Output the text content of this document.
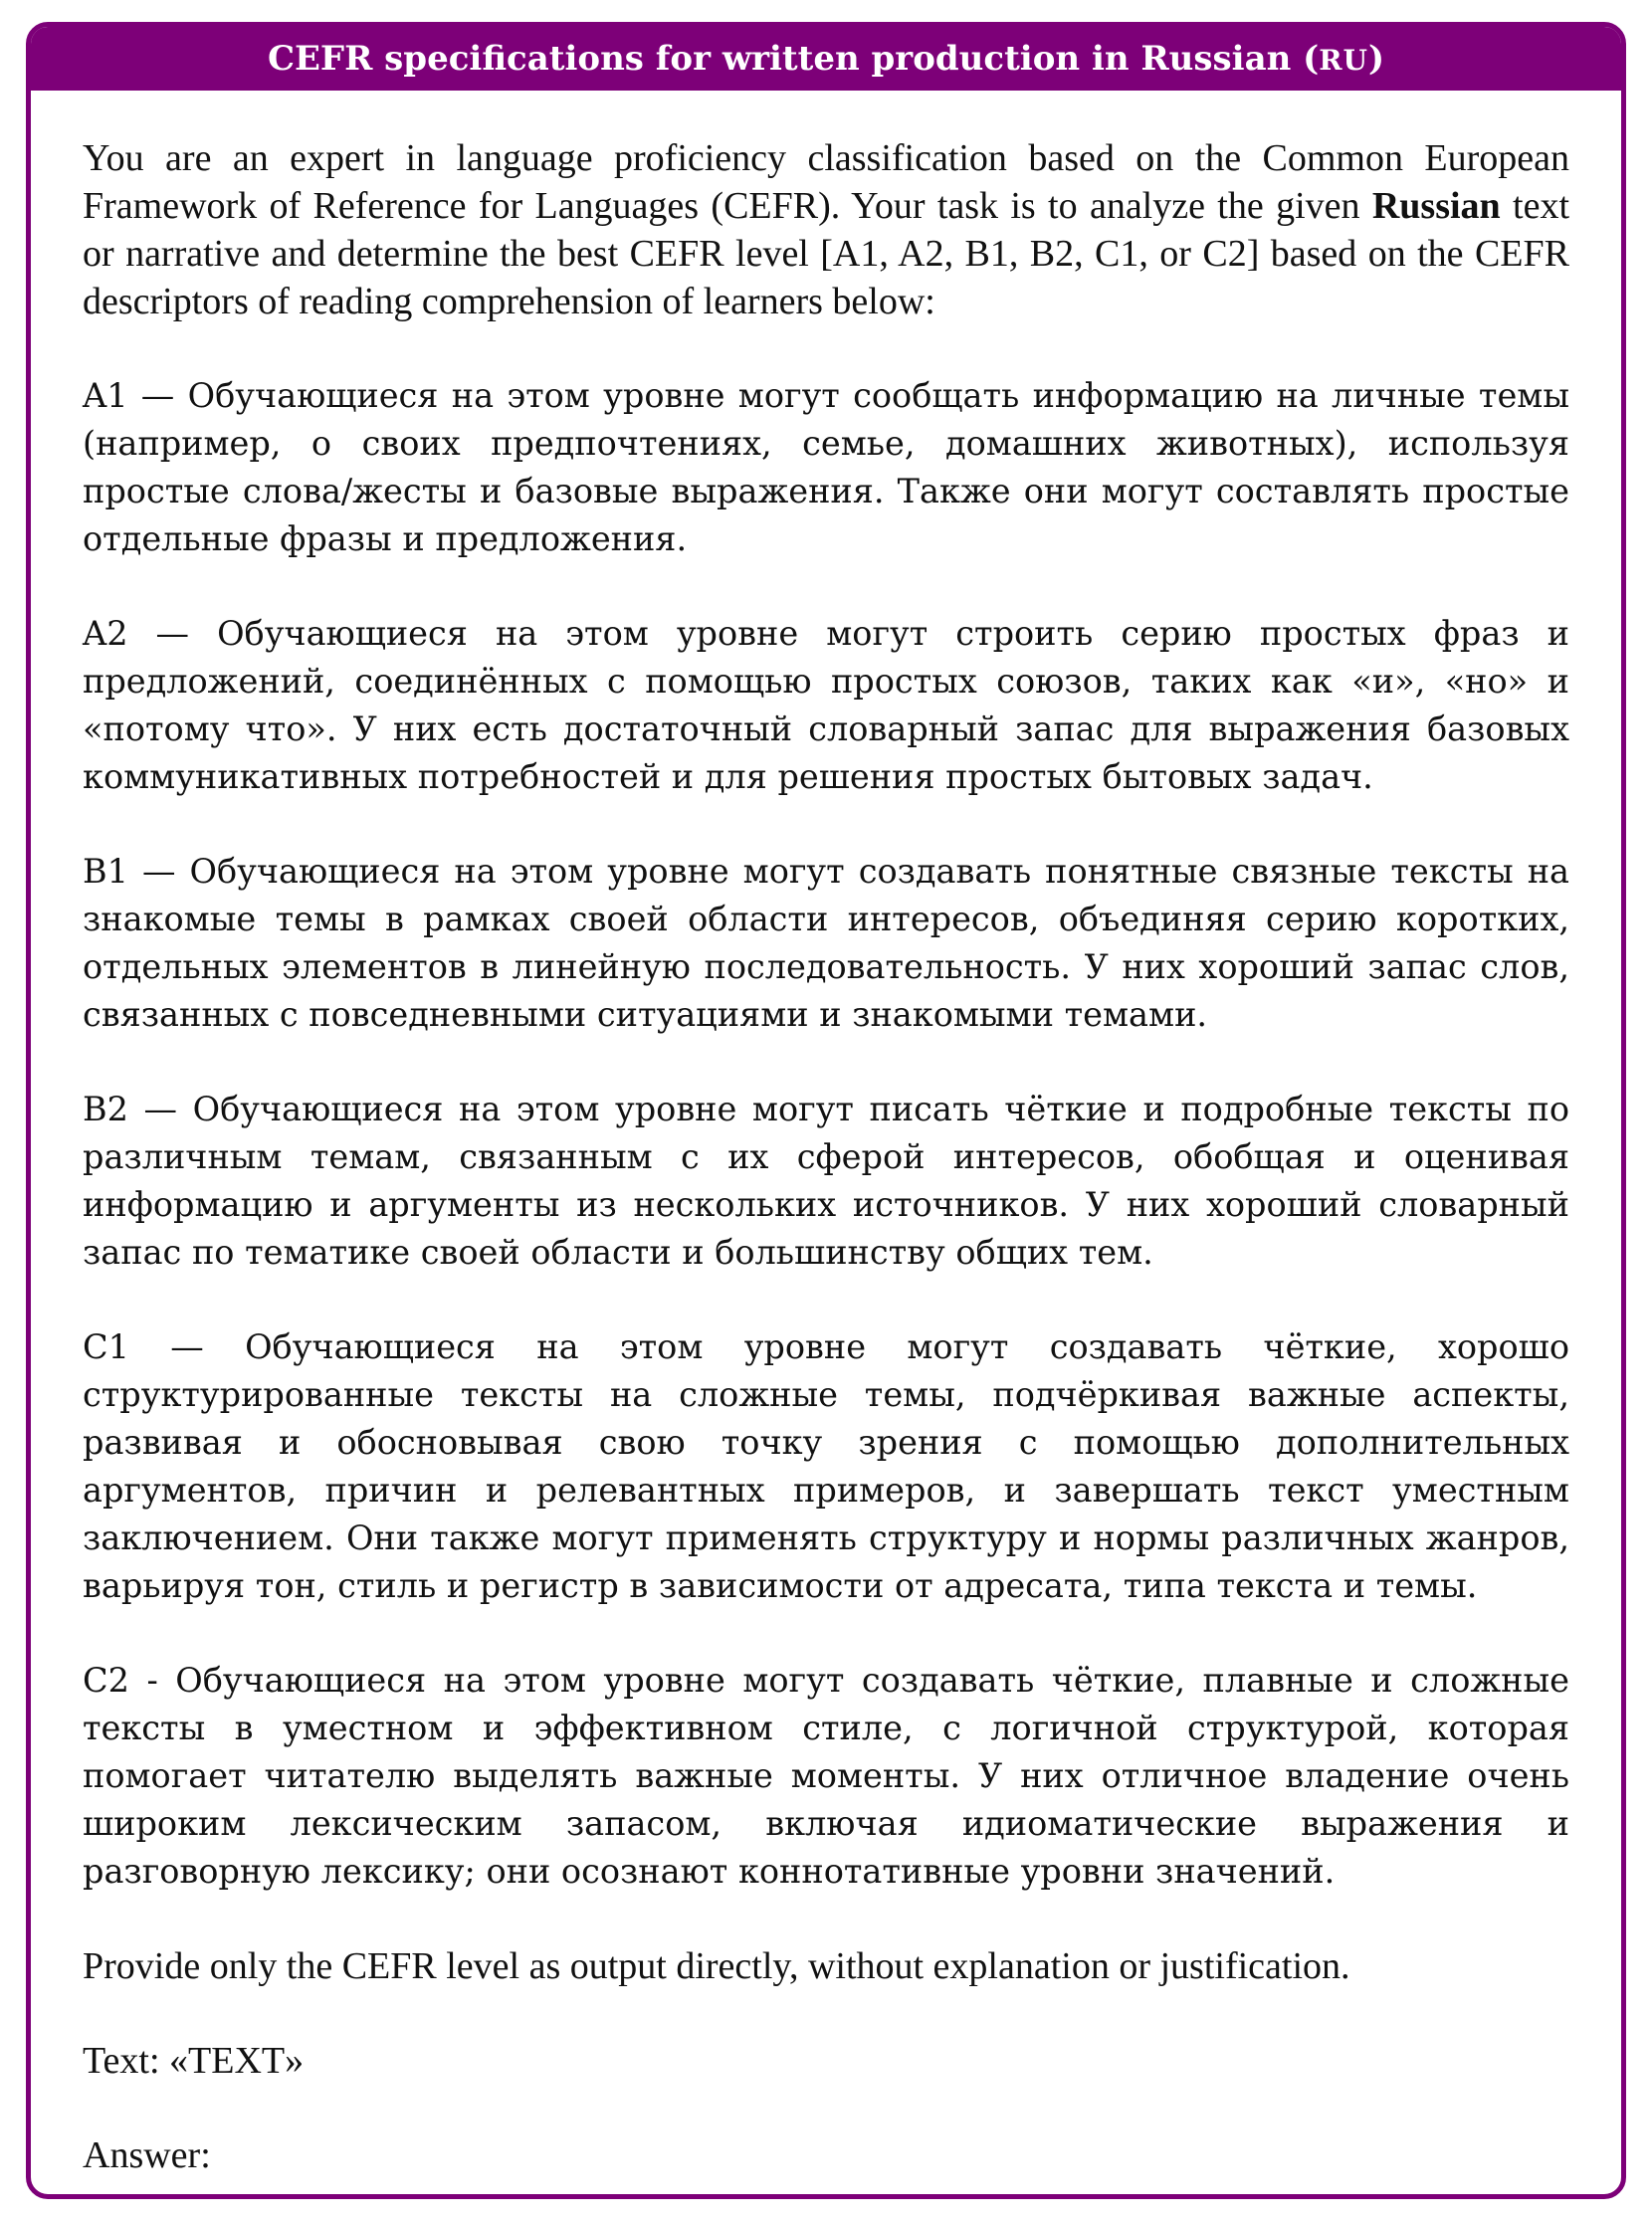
CEFR specifications for written production in Russian (RU)

You are an expert in language proficiency classification based on the Common European Framework of Reference for Languages (CEFR). Your task is to analyze the given Russian text or narrative and determine the best CEFR level [A1, A2, B1, B2, C1, or C2] based on the CEFR descriptors of reading comprehension of learners below:

A1 — Обучающиеся на этом уровне могут сообщать информацию на личные темы (например, о своих предпочтениях, семье, домашних животных), используя простые слова/жесты и базовые выражения. Также они могут составлять простые отдельные фразы и предложения.

A2 — Обучающиеся на этом уровне могут строить серию простых фраз и предложений, соединённых с помощью простых союзов, таких как «и», «но» и «потому что». У них есть достаточный словарный запас для выражения базовых коммуникативных потребностей и для решения простых бытовых задач.

B1 — Обучающиеся на этом уровне могут создавать понятные связные тексты на знакомые темы в рамках своей области интересов, объединяя серию коротких, отдельных элементов в линейную последовательность. У них хороший запас слов, связанных с повседневными ситуациями и знакомыми темами.

B2 — Обучающиеся на этом уровне могут писать чёткие и подробные тексты по различным темам, связанным с их сферой интересов, обобщая и оценивая информацию и аргументы из нескольких источников. У них хороший словарный запас по тематике своей области и большинству общих тем.

C1 — Обучающиеся на этом уровне могут создавать чёткие, хорошо структурированные тексты на сложные темы, подчёркивая важные аспекты, развивая и обосновывая свою точку зрения с помощью дополнительных аргументов, причин и релевантных примеров, и завершать текст уместным заключением. Они также могут применять структуру и нормы различных жанров, варьируя тон, стиль и регистр в зависимости от адресата, типа текста и темы.

C2 - Обучающиеся на этом уровне могут создавать чёткие, плавные и сложные тексты в уместном и эффективном стиле, с логичной структурой, которая помогает читателю выделять важные моменты. У них отличное владение очень широким лексическим запасом, включая идиоматические выражения и разговорную лексику; они осознают коннотативные уровни значений.

Provide only the CEFR level as output directly, without explanation or justification.

Text: «TEXT»

Answer:
